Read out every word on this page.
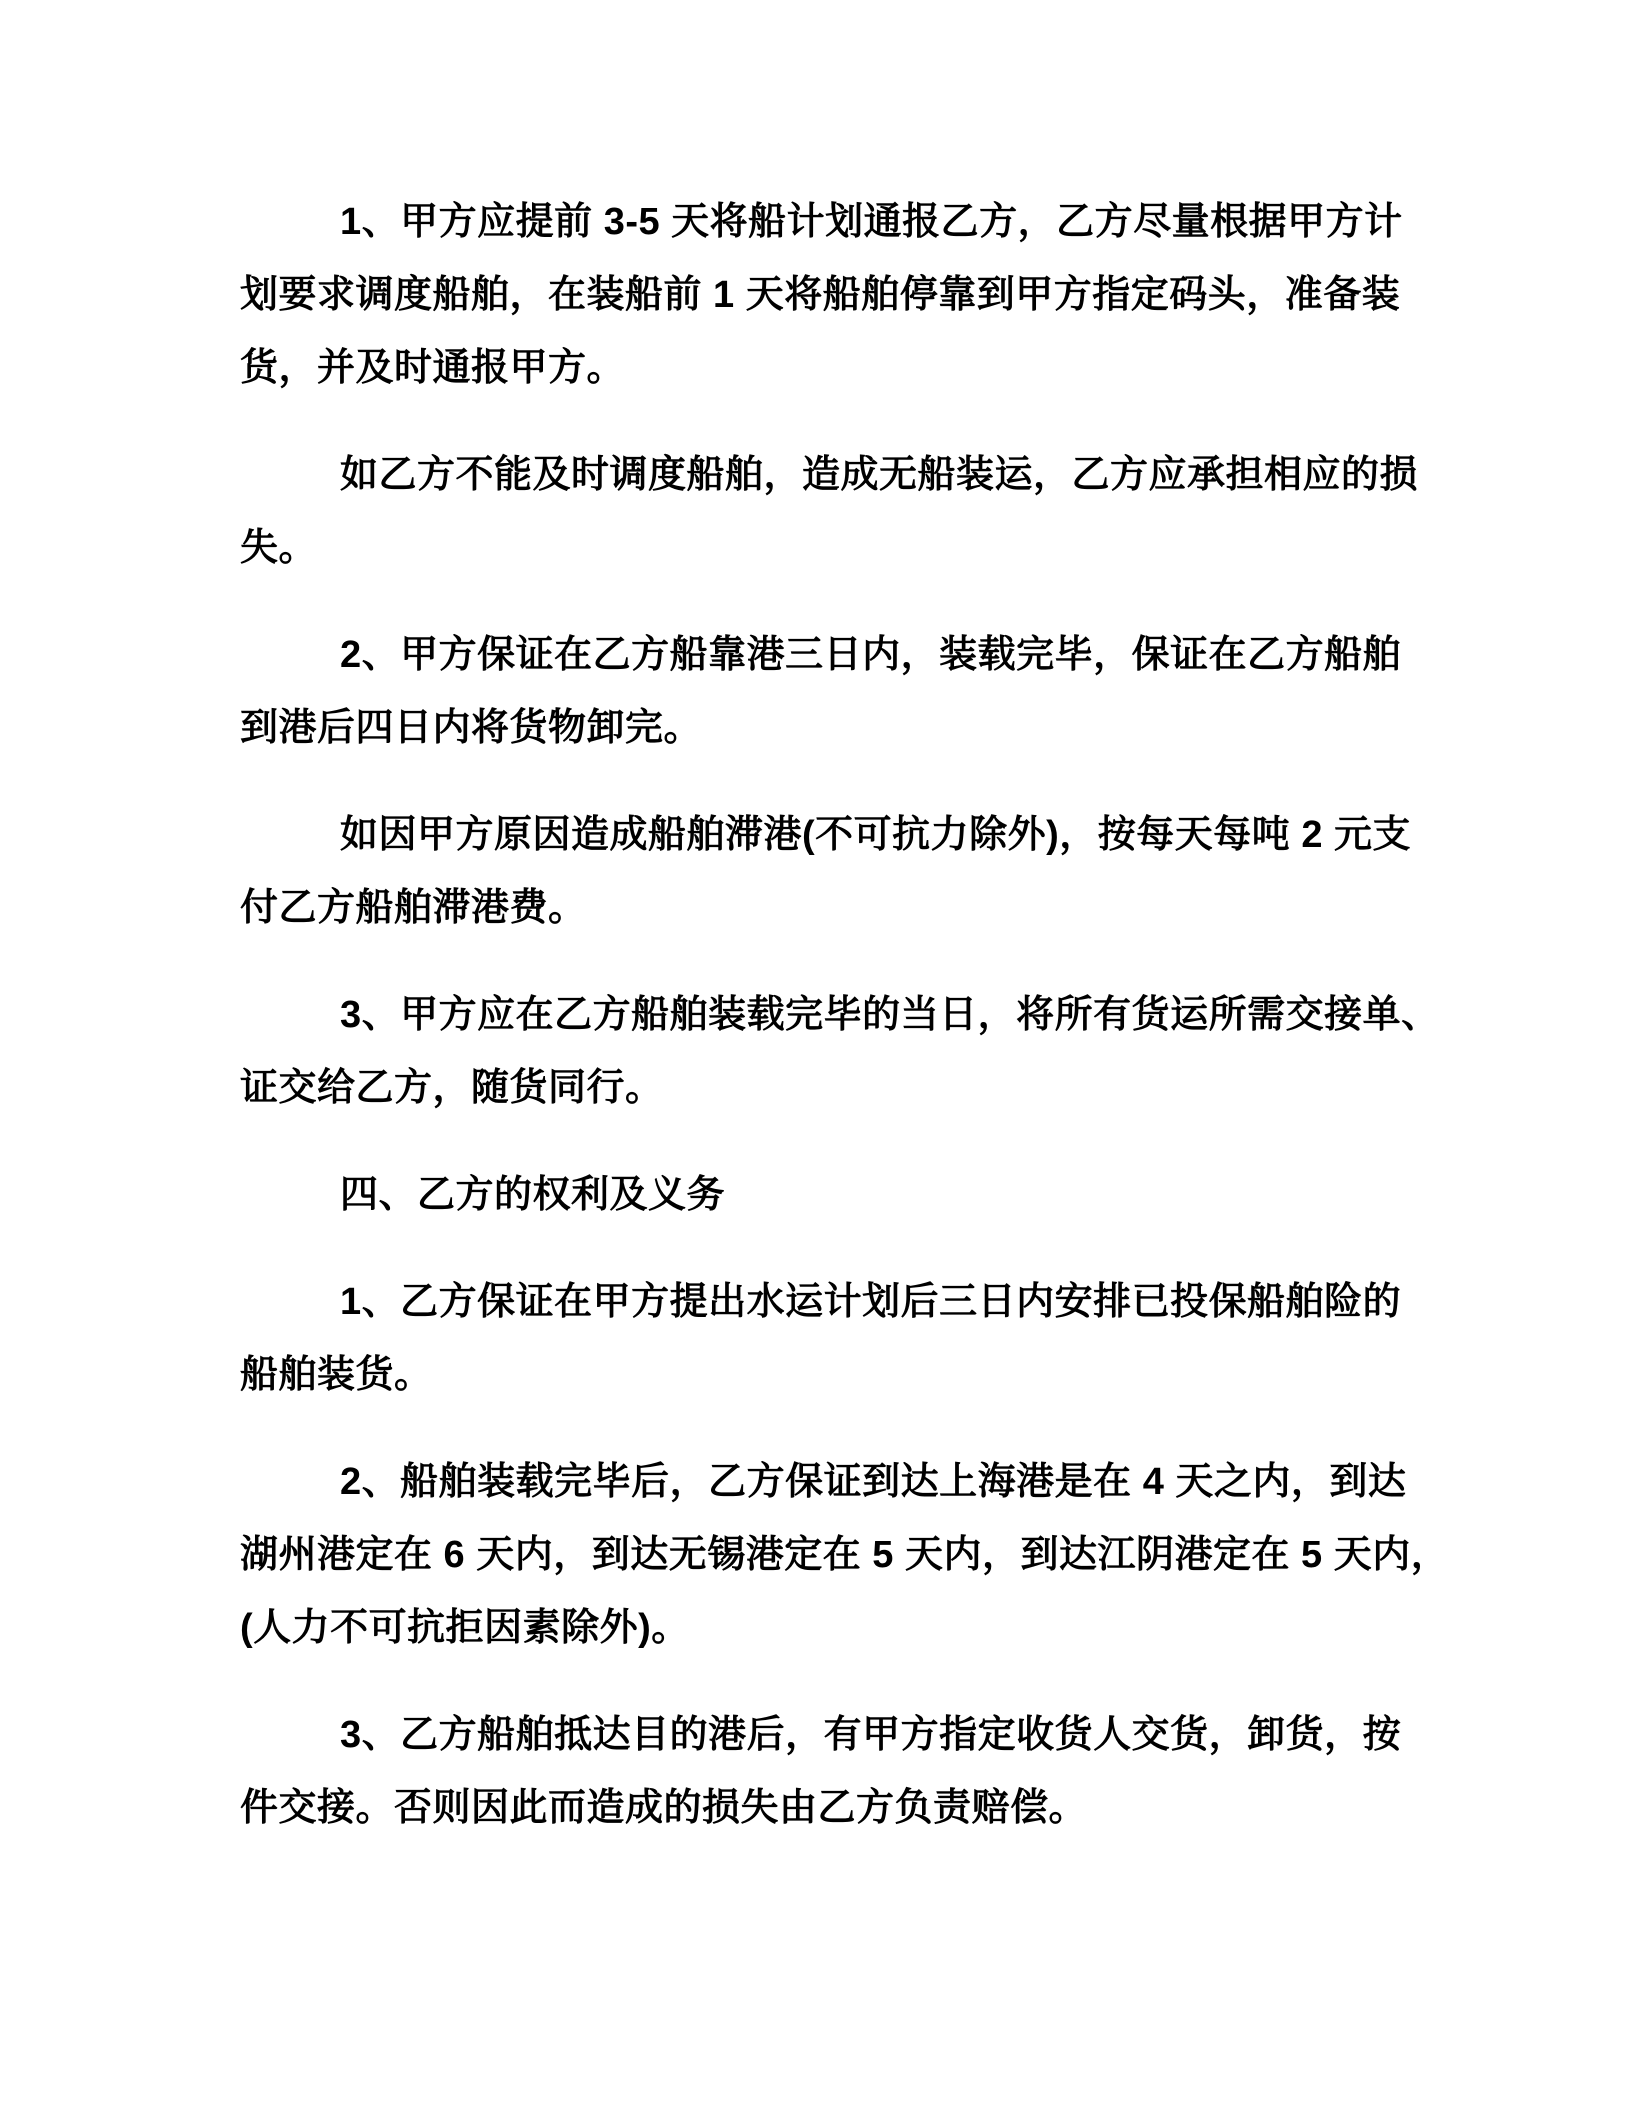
1、甲方应提前 3-5 天将船计划通报乙方，乙方尽量根据甲方计
划要求调度船舶，在装船前 1 天将船舶停靠到甲方指定码头，准备装
货，并及时通报甲方。
如乙方不能及时调度船舶，造成无船装运，乙方应承担相应的损
失。
2、甲方保证在乙方船靠港三日内，装载完毕，保证在乙方船舶
到港后四日内将货物卸完。
如因甲方原因造成船舶滞港(不可抗力除外)，按每天每吨 2 元支
付乙方船舶滞港费。
3、甲方应在乙方船舶装载完毕的当日，将所有货运所需交接单、
证交给乙方，随货同行。
四、乙方的权利及义务
1、乙方保证在甲方提出水运计划后三日内安排已投保船舶险的
船舶装货。
2、船舶装载完毕后，乙方保证到达上海港是在 4 天之内，到达
湖州港定在 6 天内，到达无锡港定在 5 天内，到达江阴港定在 5 天内，
(人力不可抗拒因素除外)。
3、乙方船舶抵达目的港后，有甲方指定收货人交货，卸货，按
件交接。否则因此而造成的损失由乙方负责赔偿。
